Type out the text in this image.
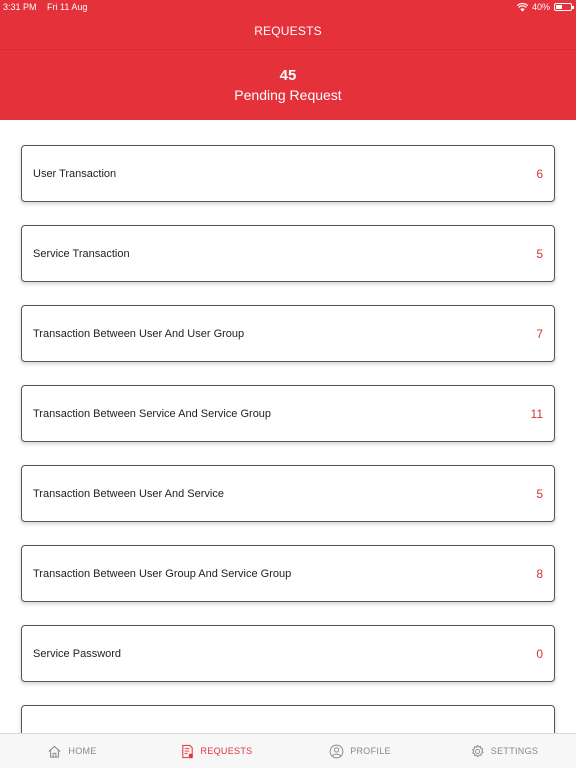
3:31 PM Fri 11 Aug	40%
REQUESTS
45
Pending Request
User Transaction	6
Service Transaction	5
Transaction Between User And User Group	7
Transaction Between Service And Service Group	11
Transaction Between User And Service	5
Transaction Between User Group And Service Group	8
Service Password	0
HOME	REQUESTS	PROFILE	SETTINGS
